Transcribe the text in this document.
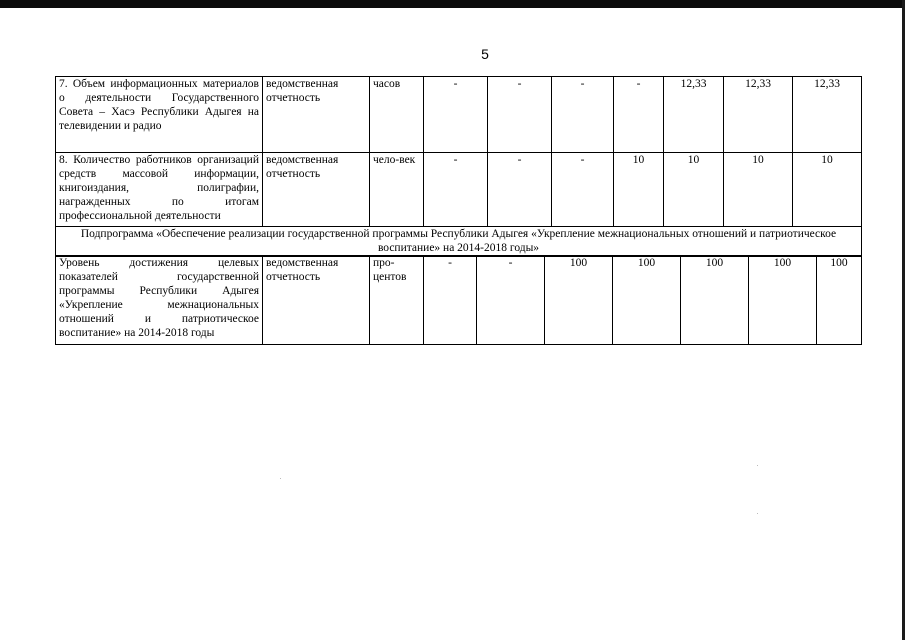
5
7. Объем информационных материалов о деятельности Государственного Совета – Хасэ Республики Адыгея на телевидении и радио	ведомственная отчетность	часов	-	-	-	-	12,33	12,33	12,33
8. Количество работников организаций средств массовой информации, книгоиздания, полиграфии, награжденных по итогам профессиональной деятельности	ведомственная отчетность	чело-век	-	-	-	10	10	10	10
Подпрограмма «Обеспечение реализации государственной программы Республики Адыгея «Укрепление межнациональных отношений и патриотическое воспитание» на 2014-2018 годы»									
Уровень достижения целевых показателей государственной программы Республики Адыгея «Укрепление межнациональных отношений и патриотическое воспитание» на 2014-2018 годы	ведомственная отчетность	про-центов	-	-	100	100	100	100	100
